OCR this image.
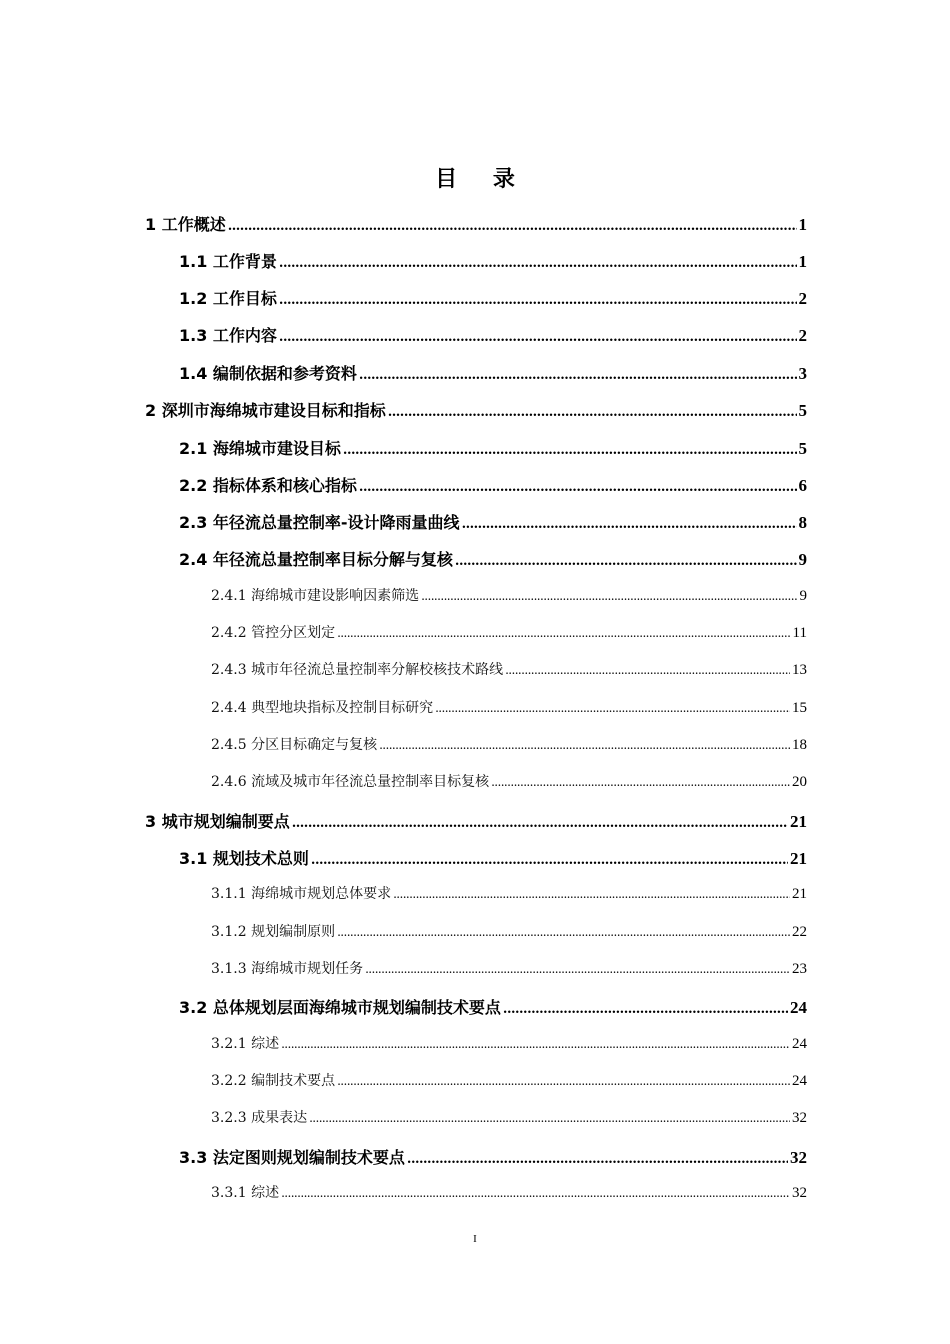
目 录
1 工作概述 .....	1
1.1 工作背景 .....	1
1.2 工作目标 .....	2
1.3 工作内容 .....	2
1.4 编制依据和参考资料 .....	3
2 深圳市海绵城市建设目标和指标 .....	5
2.1 海绵城市建设目标 .....	5
2.2 指标体系和核心指标 .....	6
2.3 年径流总量控制率-设计降雨量曲线 .....	8
2.4 年径流总量控制率目标分解与复核 .....	9
2.4.1 海绵城市建设影响因素筛选 .....	9
2.4.2 管控分区划定 .....	11
2.4.3 城市年径流总量控制率分解校核技术路线 .....	13
2.4.4 典型地块指标及控制目标研究 .....	15
2.4.5 分区目标确定与复核 .....	18
2.4.6 流域及城市年径流总量控制率目标复核 .....	20
3 城市规划编制要点 .....	21
3.1 规划技术总则 .....	21
3.1.1 海绵城市规划总体要求 .....	21
3.1.2 规划编制原则 .....	22
3.1.3 海绵城市规划任务 .....	23
3.2 总体规划层面海绵城市规划编制技术要点 .....	24
3.2.1 综述 .....	24
3.2.2 编制技术要点 .....	24
3.2.3 成果表达 .....	32
3.3 法定图则规划编制技术要点 .....	32
3.3.1 综述 .....	32
I
